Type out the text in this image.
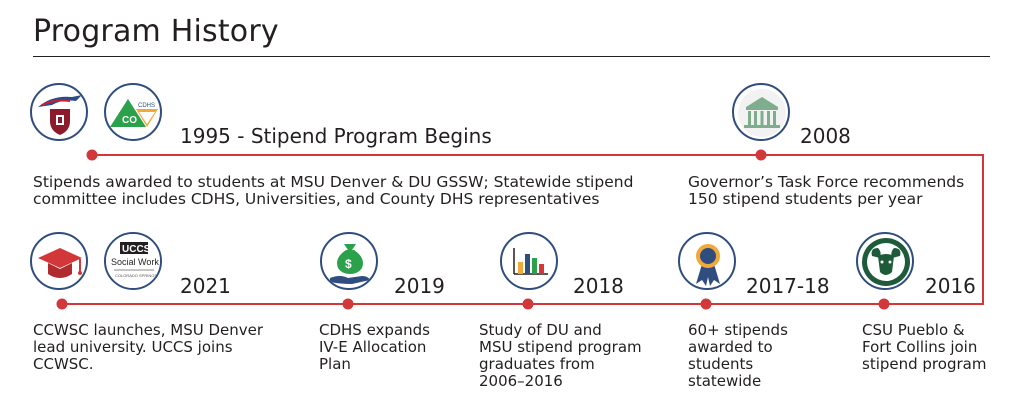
Program History
CO
CDHS
1995 - Stipend Program Begins	2008
Stipends awarded to students at MSU Denver & DU GSSW; Statewide stipend
committee includes CDHS, Universities, and County DHS representatives
Governor’s Task Force recommends
150 stipend students per year
UCCS
Social Work
COLORADO SPRINGS 2021
$
2019	2018	2017-18	2016
CCWSC launches, MSU Denver
lead university. UCCS joins
CCWSC.
CDHS expands
IV-E Allocation
Plan
Study of DU and
MSU stipend program
graduates from
2006–2016
60+ stipends
awarded to
students
statewide
CSU Pueblo &
Fort Collins join
stipend program
